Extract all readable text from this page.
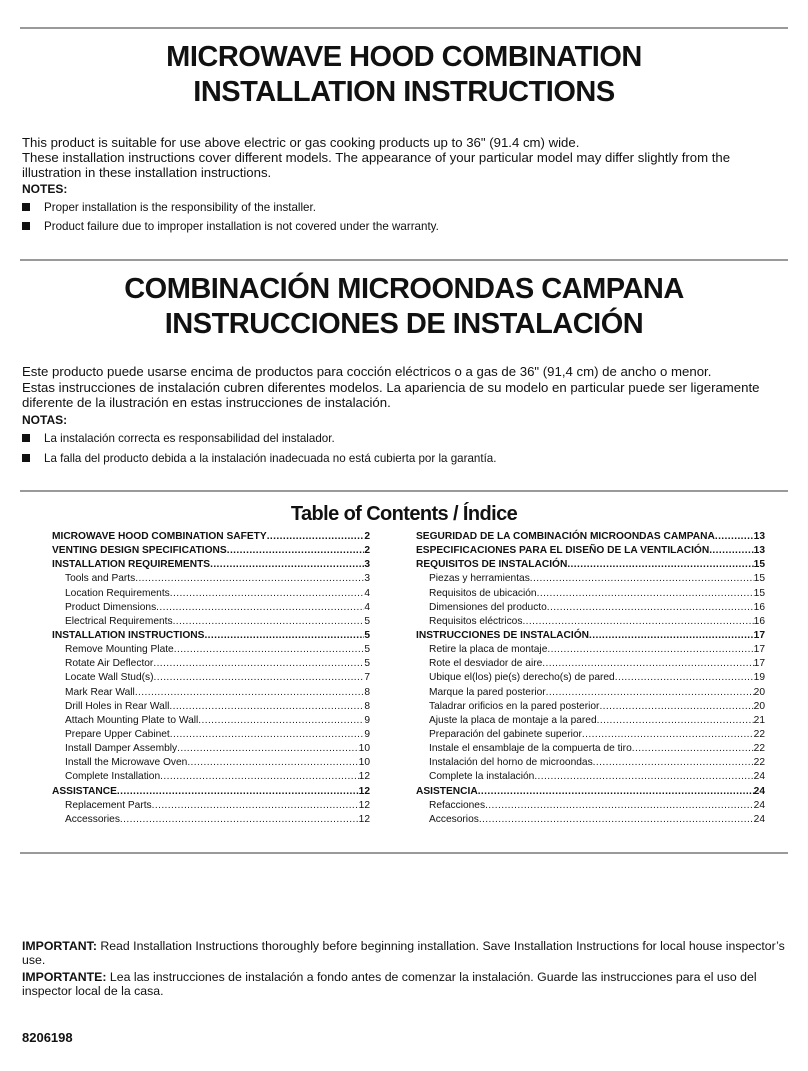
MICROWAVE HOOD COMBINATION
INSTALLATION INSTRUCTIONS

This product is suitable for use above electric or gas cooking products up to 36" (91.4 cm) wide.

These installation instructions cover different models. The appearance of your particular model may differ slightly from the illustration in these installation instructions.

NOTES:
Proper installation is the responsibility of the installer.
Product failure due to improper installation is not covered under the warranty.
COMBINACIÓN MICROONDAS CAMPANA
INSTRUCCIONES DE INSTALACIÓN

Este producto puede usarse encima de productos para cocción eléctricos o a gas de 36" (91,4 cm) de ancho o menor.

Estas instrucciones de instalación cubren diferentes modelos. La apariencia de su modelo en particular puede ser ligeramente diferente de la ilustración en estas instrucciones de instalación.

NOTAS:
La instalación correcta es responsabilidad del instalador.
La falla del producto debida a la instalación inadecuada no está cubierta por la garantía.
Table of Contents / Índice
MICROWAVE HOOD COMBINATION SAFETY .....	2
VENTING DESIGN SPECIFICATIONS .....	2
INSTALLATION REQUIREMENTS .....	3
Tools and Parts .....	3
Location Requirements .....	4
Product Dimensions .....	4
Electrical Requirements .....	5
INSTALLATION INSTRUCTIONS .....	5
Remove Mounting Plate .....	5
Rotate Air Deflector .....	5
Locate Wall Stud(s) .....	7
Mark Rear Wall .....	8
Drill Holes in Rear Wall .....	8
Attach Mounting Plate to Wall .....	9
Prepare Upper Cabinet .....	9
Install Damper Assembly .....	10
Install the Microwave Oven .....	10
Complete Installation .....	12
ASSISTANCE .....	12
Replacement Parts .....	12
Accessories .....	12
SEGURIDAD DE LA COMBINACIÓN MICROONDAS CAMPANA .....	13
ESPECIFICACIONES PARA EL DISEÑO DE LA VENTILACIÓN .....	13
REQUISITOS DE INSTALACIÓN .....	15
Piezas y herramientas .....	15
Requisitos de ubicación .....	15
Dimensiones del producto .....	16
Requisitos eléctricos .....	16
INSTRUCCIONES DE INSTALACIÓN .....	17
Retire la placa de montaje .....	17
Rote el desviador de aire .....	17
Ubique el(los) pie(s) derecho(s) de pared .....	19
Marque la pared posterior .....	20
Taladrar orificios en la pared posterior .....	20
Ajuste la placa de montaje a la pared .....	21
Preparación del gabinete superior .....	22
Instale el ensamblaje de la compuerta de tiro .....	22
Instalación del horno de microondas .....	22
Complete la instalación .....	24
ASISTENCIA .....	24
Refacciones .....	24
Accesorios .....	24
IMPORTANT: Read Installation Instructions thoroughly before beginning installation. Save Installation Instructions for local house inspector’s use.
IMPORTANTE: Lea las instrucciones de instalación a fondo antes de comenzar la instalación. Guarde las instrucciones para el uso del inspector local de la casa.
8206198
